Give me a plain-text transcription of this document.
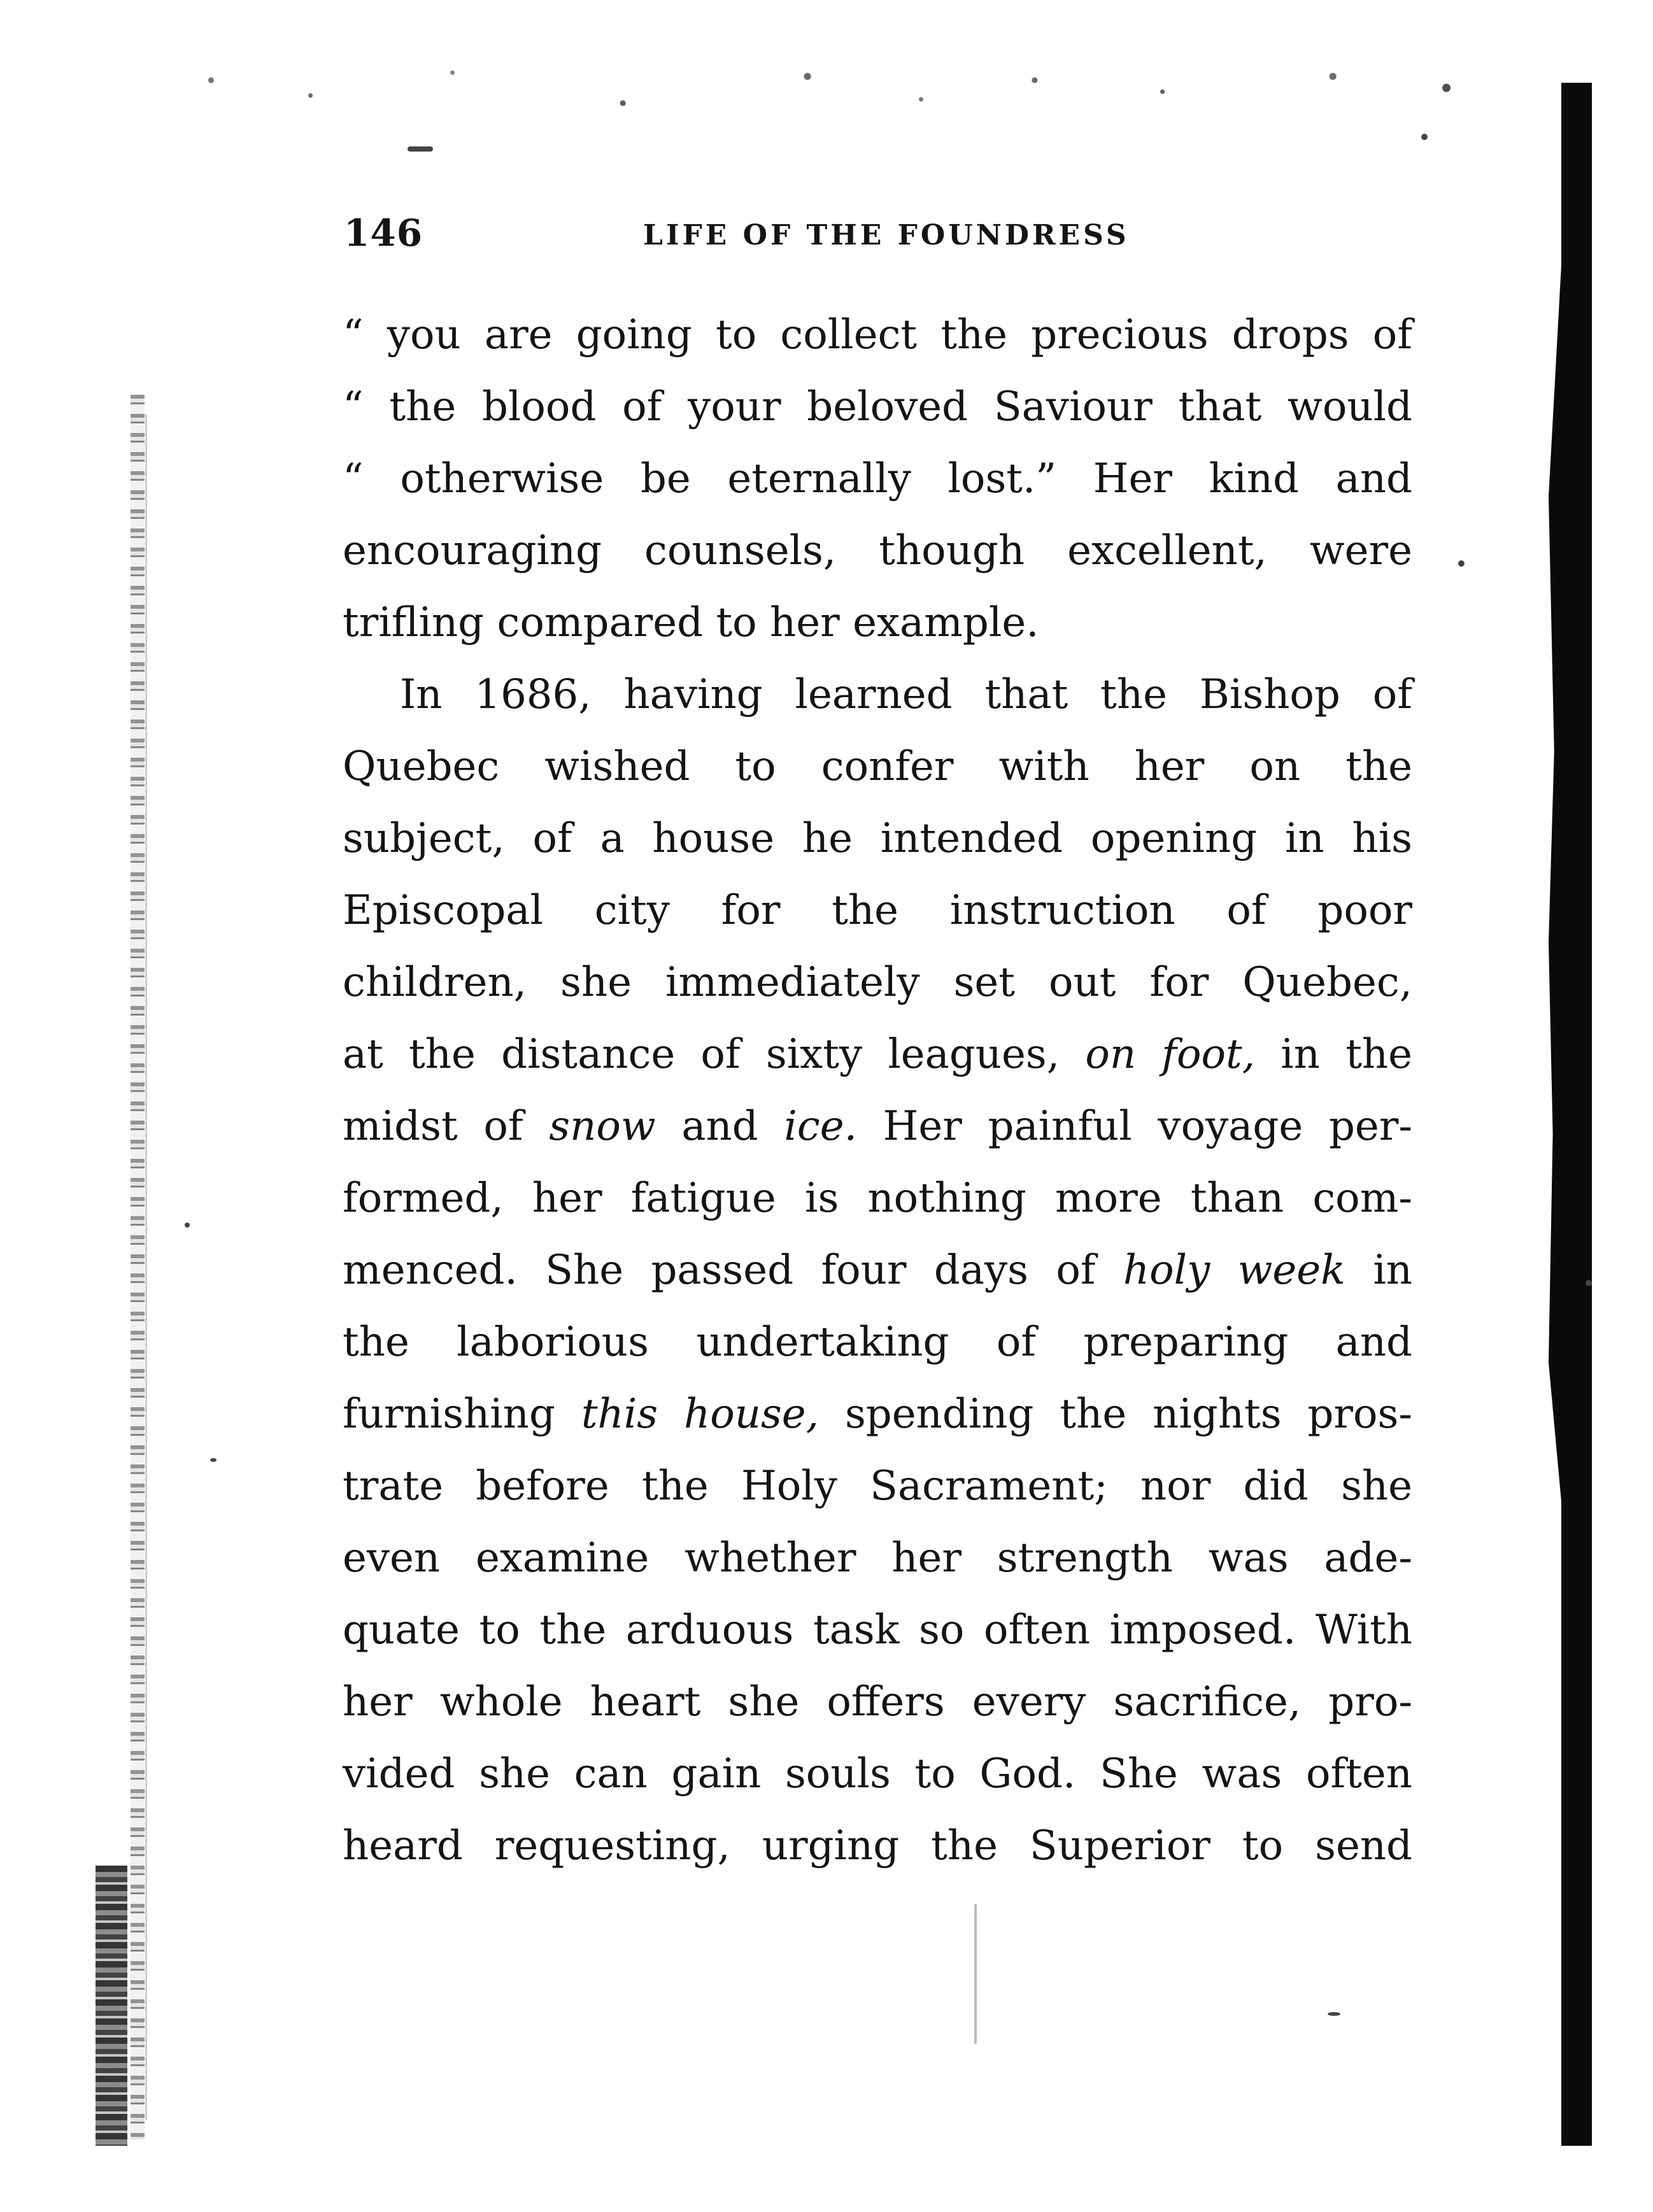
146	LIFE OF THE FOUNDRESS
“ you are going to collect the precious drops of
“ the blood of your beloved Saviour that would
“ otherwise be eternally lost.” Her kind and
encouraging counsels, though excellent, were
trifling compared to her example.
In 1686, having learned that the Bishop of
Quebec wished to confer with her on the
subject, of a house he intended opening in his
Episcopal city for the instruction of poor
children, she immediately set out for Quebec,
at the distance of sixty leagues, on foot, in the
midst of snow and ice. Her painful voyage per-
formed, her fatigue is nothing more than com-
menced. She passed four days of holy week in
the laborious undertaking of preparing and
furnishing this house, spending the nights pros-
trate before the Holy Sacrament; nor did she
even examine whether her strength was ade-
quate to the arduous task so often imposed. With
her whole heart she offers every sacrifice, pro-
vided she can gain souls to God. She was often
heard requesting, urging the Superior to send
